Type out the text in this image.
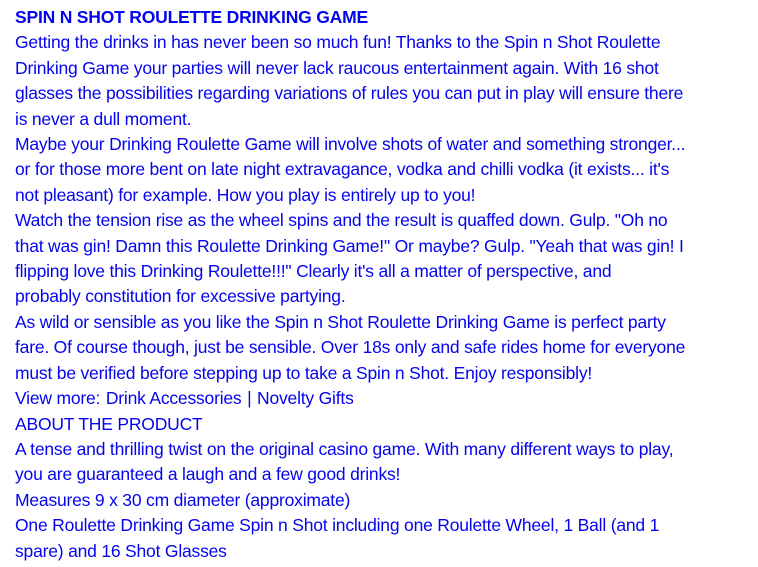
SPIN N SHOT ROULETTE DRINKING GAME
Getting the drinks in has never been so much fun! Thanks to the Spin n Shot Roulette
Drinking Game your parties will never lack raucous entertainment again. With 16 shot
glasses the possibilities regarding variations of rules you can put in play will ensure there
is never a dull moment.
Maybe your Drinking Roulette Game will involve shots of water and something stronger...
or for those more bent on late night extravagance, vodka and chilli vodka (it exists... it's
not pleasant) for example. How you play is entirely up to you!
Watch the tension rise as the wheel spins and the result is quaffed down. Gulp. "Oh no
that was gin! Damn this Roulette Drinking Game!" Or maybe? Gulp. "Yeah that was gin! I
flipping love this Drinking Roulette!!!" Clearly it's all a matter of perspective, and
probably constitution for excessive partying.
As wild or sensible as you like the Spin n Shot Roulette Drinking Game is perfect party
fare. Of course though, just be sensible. Over 18s only and safe rides home for everyone
must be verified before stepping up to take a Spin n Shot. Enjoy responsibly!
View more: Drink Accessories | Novelty Gifts
ABOUT THE PRODUCT
A tense and thrilling twist on the original casino game. With many different ways to play,
you are guaranteed a laugh and a few good drinks!
Measures 9 x 30 cm diameter (approximate)
One Roulette Drinking Game Spin n Shot including one Roulette Wheel, 1 Ball (and 1
spare) and 16 Shot Glasses
